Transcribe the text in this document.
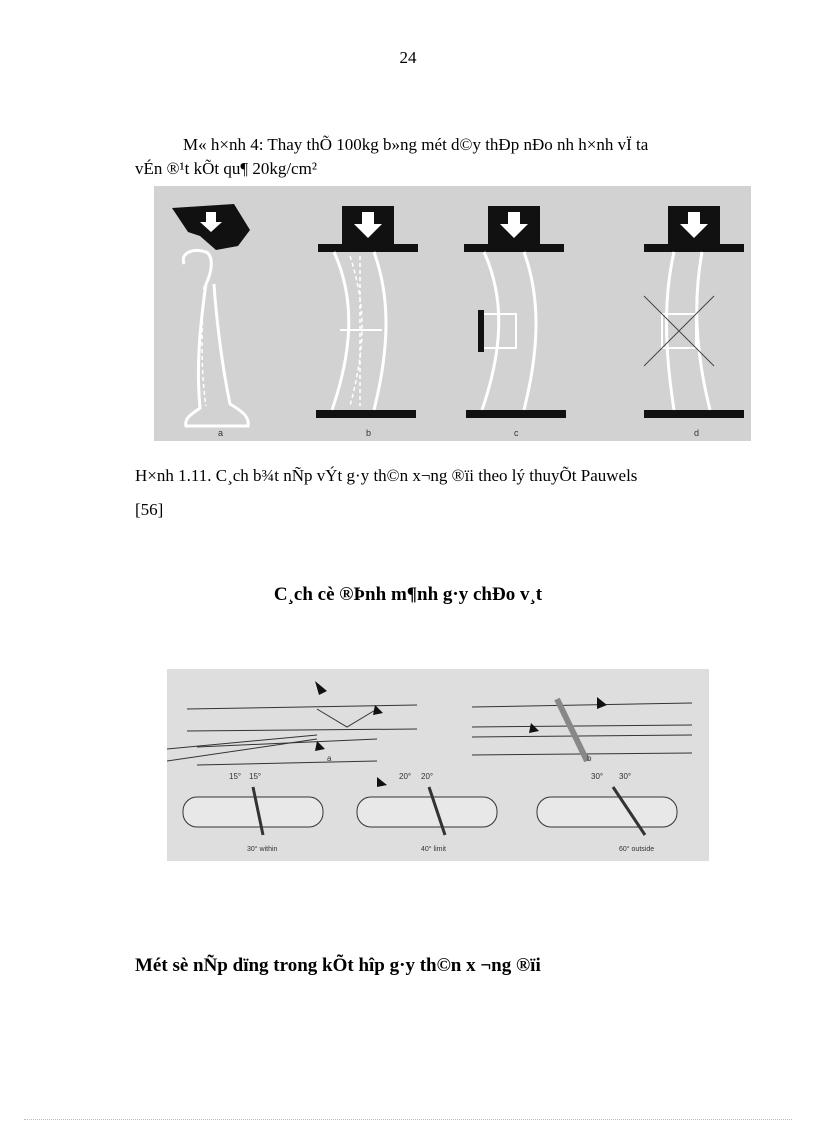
24
M« h×nh 4: Thay thÕ 100kg b»ng mét d©y thÐp nÐo nh h×nh vÏ ta
vÉn ®¹t kÕt qu¶ 20kg/cm²
a	b	c	d
H×nh 1.11. C¸ch b¾t nÑp vÝt g·y th©n x¬ng ®ïi theo lý thuyÕt Pauwels
[56]
C¸ch cè ®Þnh m¶nh g·y chÐo v¸t
15° 15°	20° 20°	30° 30°
a	b
30° within	40° limit	60° outside
Mét sè nÑp dïng trong kÕt hîp g·y th©n x ¬ng ®ïi
